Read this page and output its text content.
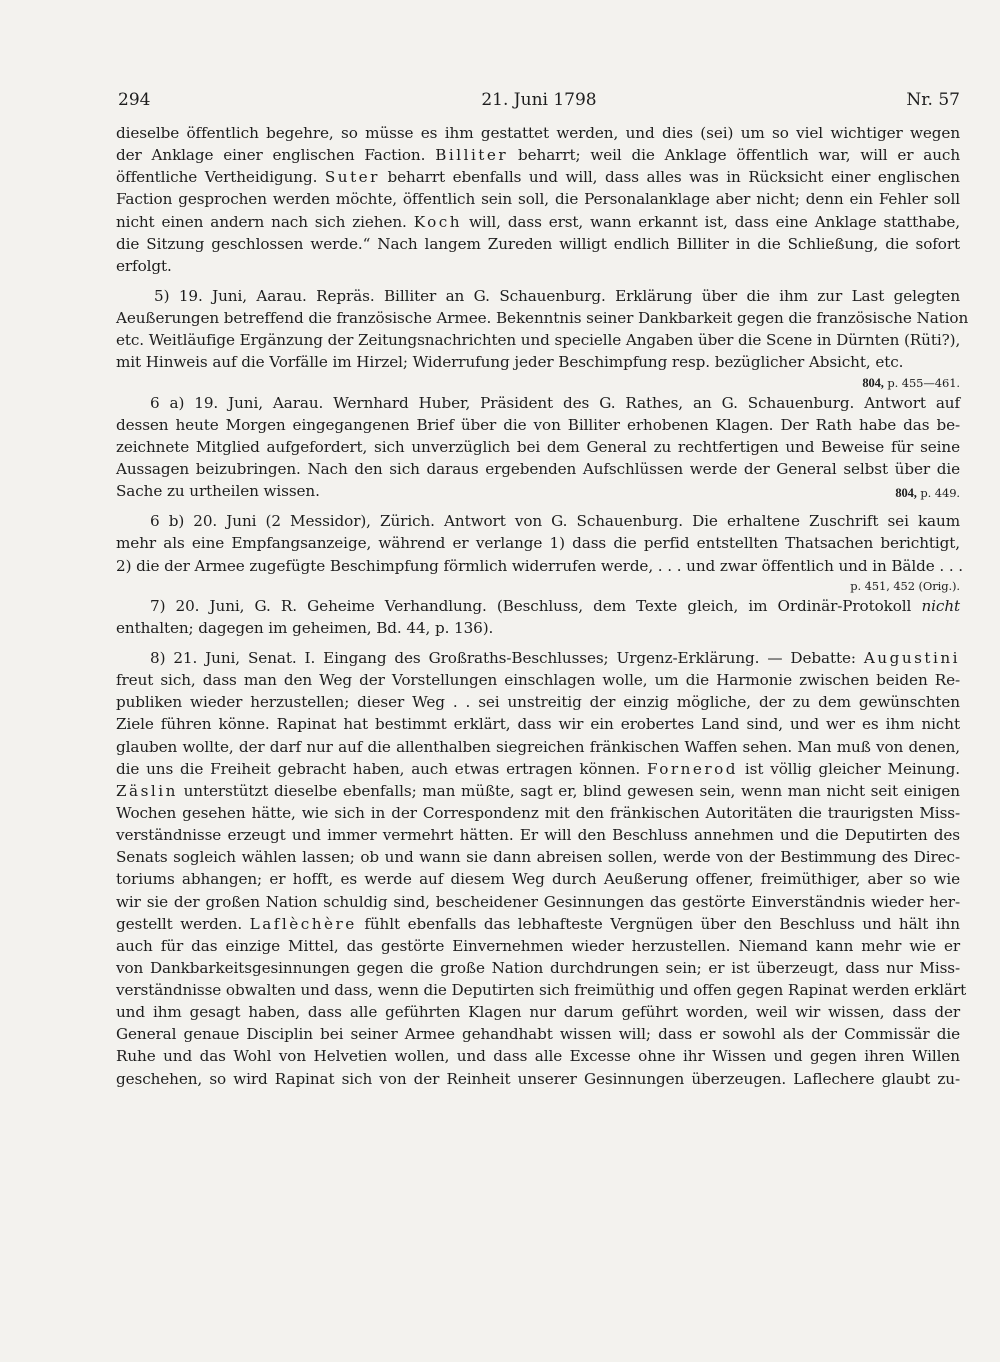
294	21. Juni 1798	Nr. 57
dieselbe öffentlich begehre, so müsse es ihm gestattet werden, und dies (sei) um so viel wichtiger wegen
der Anklage einer englischen Faction. Billiter beharrt; weil die Anklage öffentlich war, will er auch
öffentliche Vertheidigung. Suter beharrt ebenfalls und will, dass alles was in Rücksicht einer englischen
Faction gesprochen werden möchte, öffentlich sein soll, die Personalanklage aber nicht; denn ein Fehler soll
nicht einen andern nach sich ziehen. Koch will, dass erst, wann erkannt ist, dass eine Anklage statthabe,
die Sitzung geschlossen werde.“ Nach langem Zureden willigt endlich Billiter in die Schließung, die sofort
erfolgt.
5) 19. Juni, Aarau. Repräs. Billiter an G. Schauenburg. Erklärung über die ihm zur Last gelegten
Aeußerungen betreffend die französische Armee. Bekenntnis seiner Dankbarkeit gegen die französische Nation
etc. Weitläufige Ergänzung der Zeitungsnachrichten und specielle Angaben über die Scene in Dürnten (Rüti?),
mit Hinweis auf die Vorfälle im Hirzel; Widerrufung jeder Beschimpfung resp. bezüglicher Absicht, etc.
804, p. 455—461.
6 a) 19. Juni, Aarau. Wernhard Huber, Präsident des G. Rathes, an G. Schauenburg. Antwort auf
dessen heute Morgen eingegangenen Brief über die von Billiter erhobenen Klagen. Der Rath habe das be-
zeichnete Mitglied aufgefordert, sich unverzüglich bei dem General zu rechtfertigen und Beweise für seine
Aussagen beizubringen. Nach den sich daraus ergebenden Aufschlüssen werde der General selbst über die
Sache zu urtheilen wissen.	804, p. 449.
6 b) 20. Juni (2 Messidor), Zürich. Antwort von G. Schauenburg. Die erhaltene Zuschrift sei kaum
mehr als eine Empfangsanzeige, während er verlange 1) dass die perfid entstellten Thatsachen berichtigt,
2) die der Armee zugefügte Beschimpfung förmlich widerrufen werde, . . . und zwar öffentlich und in Bälde . . .
p. 451, 452 (Orig.).
7) 20. Juni, G. R. Geheime Verhandlung. (Beschluss, dem Texte gleich, im Ordinär-Protokoll nicht
enthalten; dagegen im geheimen, Bd. 44, p. 136).
8) 21. Juni, Senat. I. Eingang des Großraths-Beschlusses; Urgenz-Erklärung. — Debatte: Augustini
freut sich, dass man den Weg der Vorstellungen einschlagen wolle, um die Harmonie zwischen beiden Re-
publiken wieder herzustellen; dieser Weg . . sei unstreitig der einzig mögliche, der zu dem gewünschten
Ziele führen könne. Rapinat hat bestimmt erklärt, dass wir ein erobertes Land sind, und wer es ihm nicht
glauben wollte, der darf nur auf die allenthalben siegreichen fränkischen Waffen sehen. Man muß von denen,
die uns die Freiheit gebracht haben, auch etwas ertragen können. Fornerod ist völlig gleicher Meinung.
Zäslin unterstützt dieselbe ebenfalls; man müßte, sagt er, blind gewesen sein, wenn man nicht seit einigen
Wochen gesehen hätte, wie sich in der Correspondenz mit den fränkischen Autoritäten die traurigsten Miss-
verständnisse erzeugt und immer vermehrt hätten. Er will den Beschluss annehmen und die Deputirten des
Senats sogleich wählen lassen; ob und wann sie dann abreisen sollen, werde von der Bestimmung des Direc-
toriums abhangen; er hofft, es werde auf diesem Weg durch Aeußerung offener, freimüthiger, aber so wie
wir sie der großen Nation schuldig sind, bescheidener Gesinnungen das gestörte Einverständnis wieder her-
gestellt werden. Laflèchère fühlt ebenfalls das lebhafteste Vergnügen über den Beschluss und hält ihn
auch für das einzige Mittel, das gestörte Einvernehmen wieder herzustellen. Niemand kann mehr wie er
von Dankbarkeitsgesinnungen gegen die große Nation durchdrungen sein; er ist überzeugt, dass nur Miss-
verständnisse obwalten und dass, wenn die Deputirten sich freimüthig und offen gegen Rapinat werden erklärt
und ihm gesagt haben, dass alle geführten Klagen nur darum geführt worden, weil wir wissen, dass der
General genaue Disciplin bei seiner Armee gehandhabt wissen will; dass er sowohl als der Commissär die
Ruhe und das Wohl von Helvetien wollen, und dass alle Excesse ohne ihr Wissen und gegen ihren Willen
geschehen, so wird Rapinat sich von der Reinheit unserer Gesinnungen überzeugen. Laflechere glaubt zu-
